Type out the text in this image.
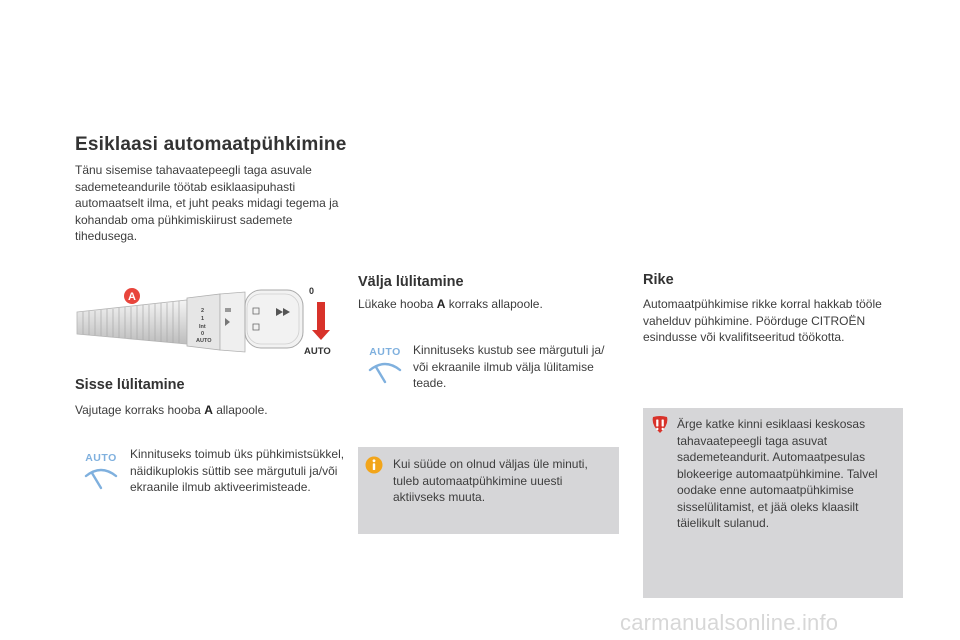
Esiklaasi automaatpühkimine

Tänu sisemise tahavaatepeegli taga asuvale sademeteandurile töötab esiklaasipuhasti automaatselt ilma, et juht peaks midagi tegema ja kohandab oma pühkimiskiirust sademete tihedusega.

2
1
Int
0
AUTO
A	0
AUTO
Sisse lülitamine

Vajutage korraks hooba A allapoole.

AUTO	Kinnituseks toimub üks pühkimistsükkel, näidikuplokis süttib see märgutuli ja/või ekraanile ilmub aktiveerimisteade.

Välja lülitamine

Lükake hooba A korraks allapoole.

AUTO	Kinnituseks kustub see märgutuli ja/ või ekraanile ilmub välja lülitamise teade.

Kui süüde on olnud väljas üle minuti, tuleb automaatpühkimine uuesti aktiivseks muuta.

Rike

Automaatpühkimise rikke korral hakkab tööle vahelduv pühkimine. Pöörduge CITROËN esindusse või kvalifitseeritud töökotta.

Ärge katke kinni esiklaasi keskosas tahavaatepeegli taga asuvat sademeteandurit. Automaatpesulas blokeerige automaatpühkimine. Talvel oodake enne automaatpühkimise sisselülitamist, et jää oleks klaasilt täielikult sulanud.

carmanualsonline.info
